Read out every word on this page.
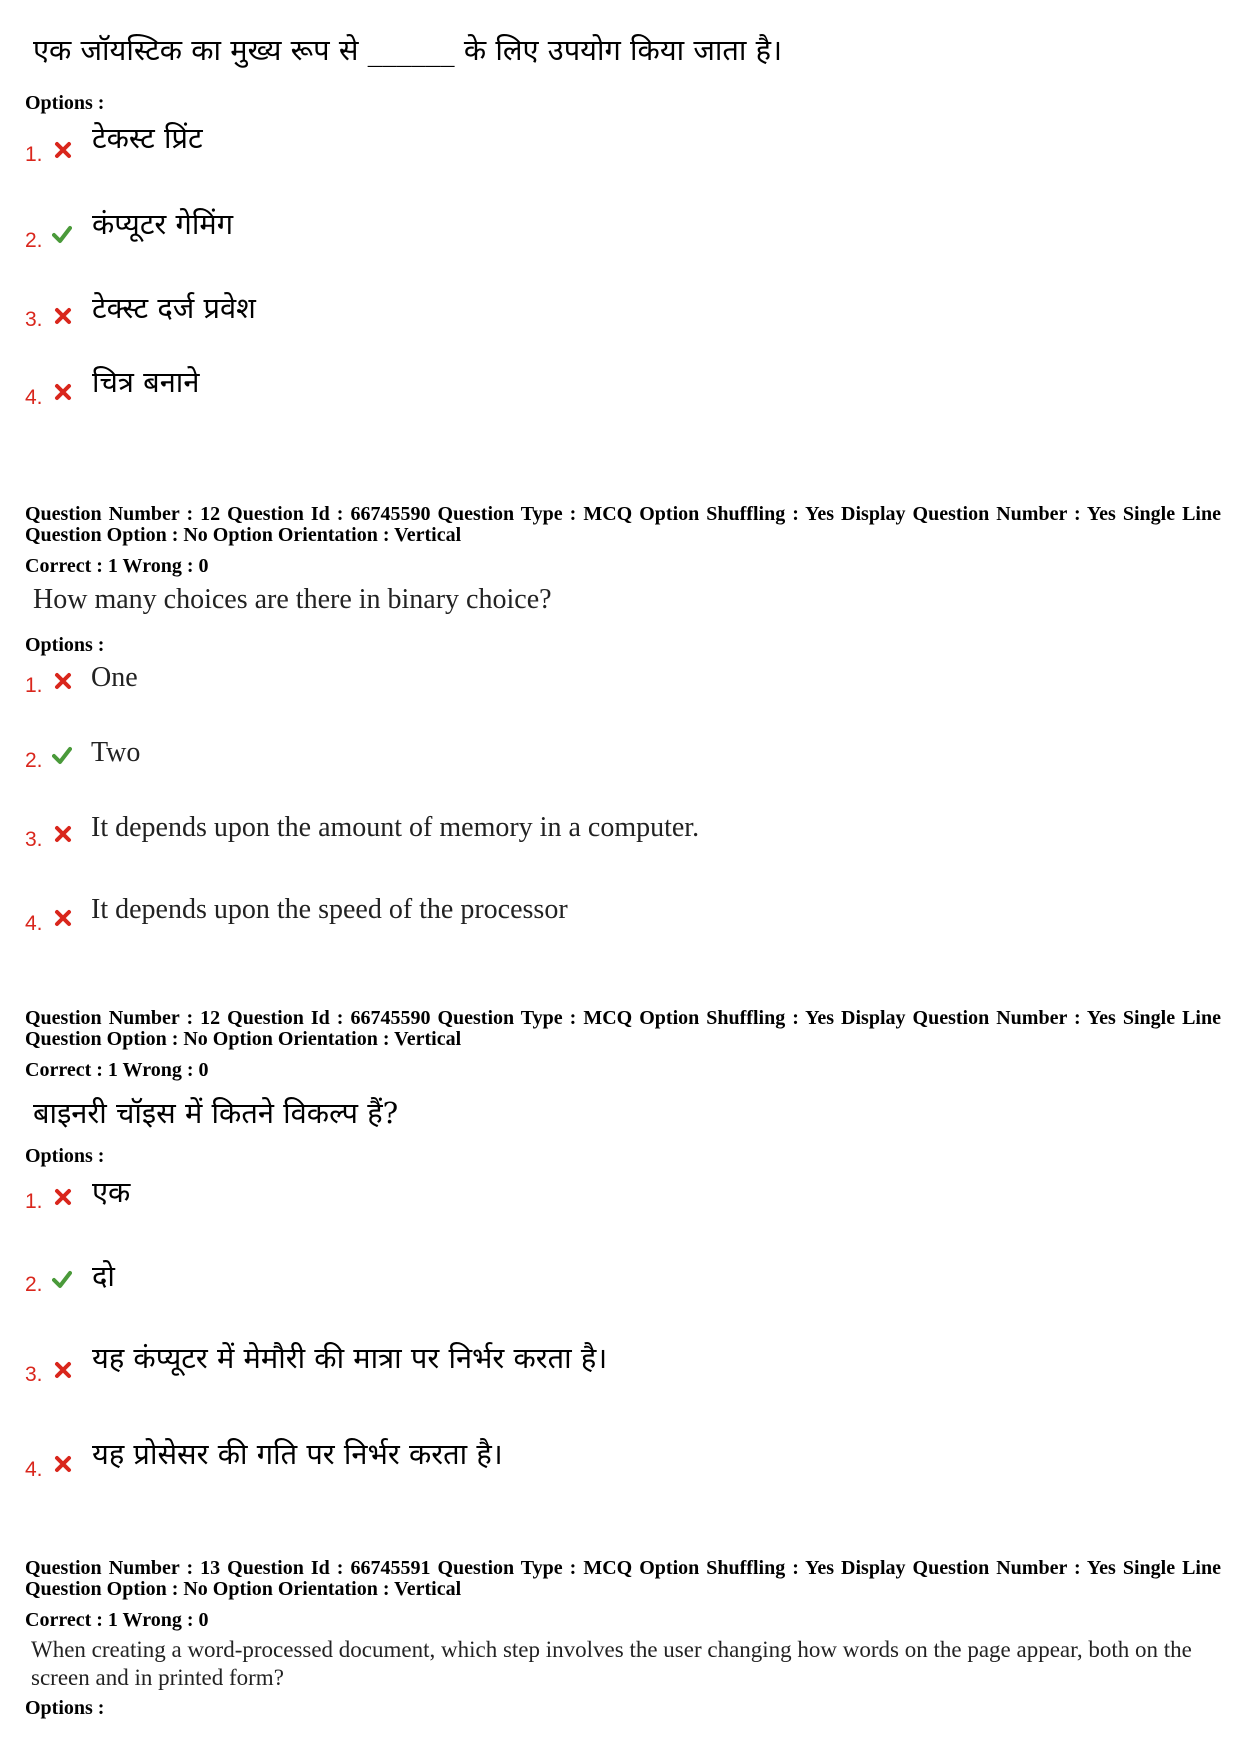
एक जॉयस्टिक का मुख्य रूप से ______ के लिए उपयोग किया जाता है।
Options :
1. टेकस्ट प्रिंट
2. कंप्यूटर गेमिंग
3. टेक्स्ट दर्ज प्रवेश
4. चित्र बनाने
Question Number : 12 Question Id : 66745590 Question Type : MCQ Option Shuffling : Yes Display Question Number : Yes Single Line Question Option : No Option Orientation : Vertical
Correct : 1 Wrong : 0
How many choices are there in binary choice?
Options :
1. One
2. Two
3. It depends upon the amount of memory in a computer.
4. It depends upon the speed of the processor
Question Number : 12 Question Id : 66745590 Question Type : MCQ Option Shuffling : Yes Display Question Number : Yes Single Line Question Option : No Option Orientation : Vertical
Correct : 1 Wrong : 0
बाइनरी चॉइस में कितने विकल्प हैं?
Options :
1. एक
2. दो
3. यह कंप्यूटर में मेमौरी की मात्रा पर निर्भर करता है।
4. यह प्रोसेसर की गति पर निर्भर करता है।
Question Number : 13 Question Id : 66745591 Question Type : MCQ Option Shuffling : Yes Display Question Number : Yes Single Line Question Option : No Option Orientation : Vertical
Correct : 1 Wrong : 0
When creating a word-processed document, which step involves the user changing how words on the page appear, both on the screen and in printed form?
Options :
